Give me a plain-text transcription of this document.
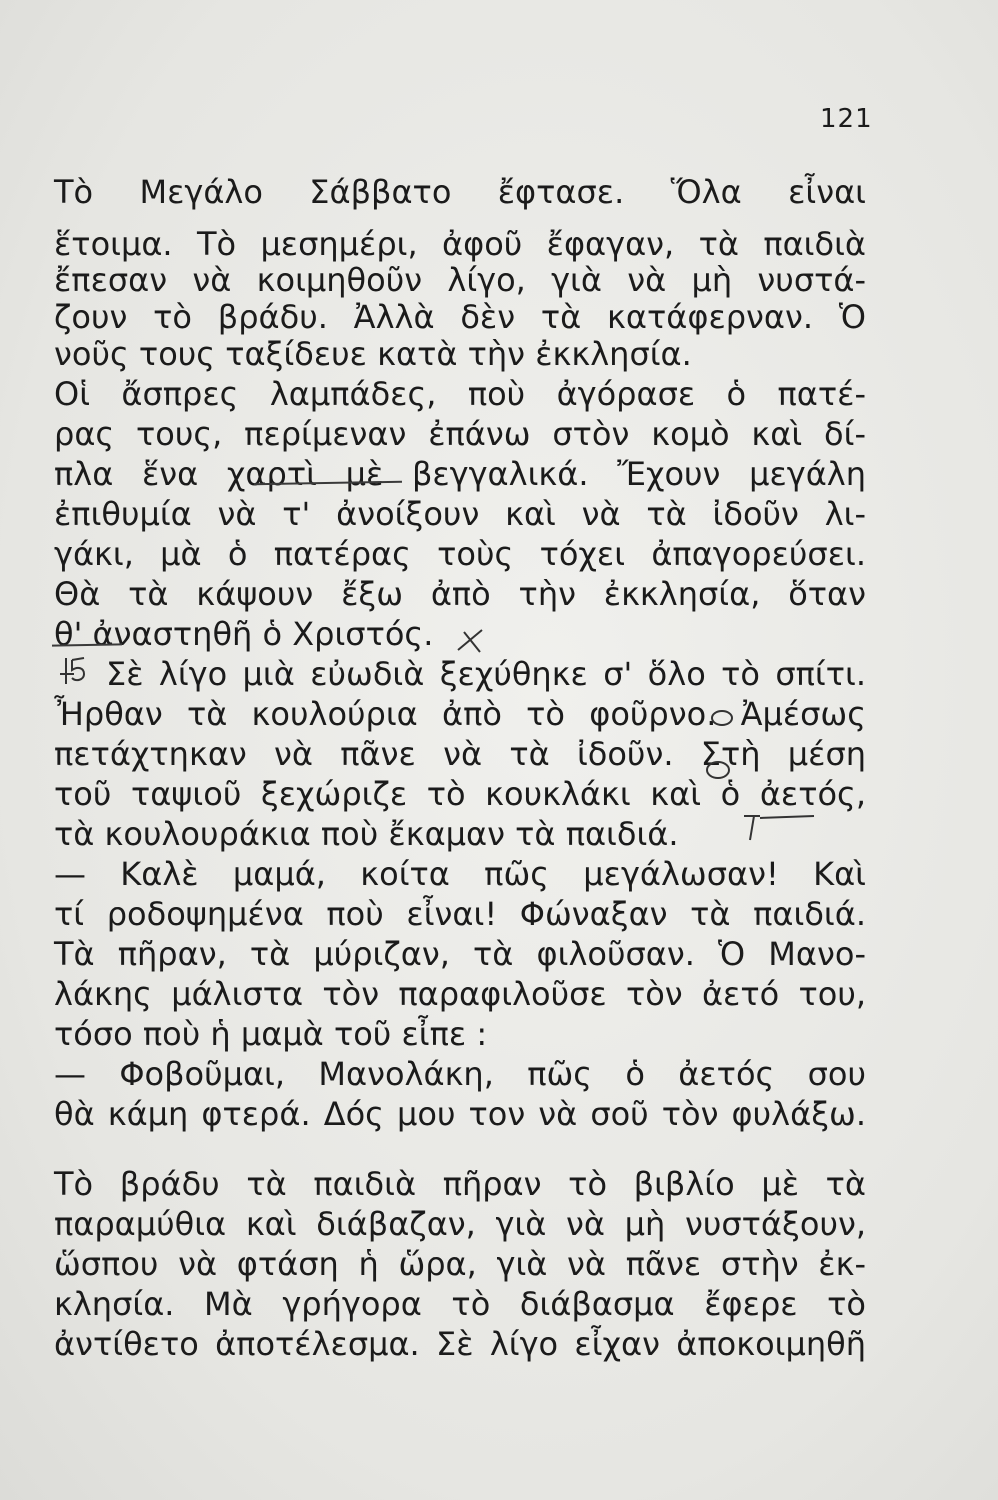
121
Τὸ Μεγάλο Σάββατο ἔφτασε. Ὅλα εἶναι
ἕτοιμα. Τὸ μεσημέρι, ἀφοῦ ἔφαγαν, τὰ παιδιὰ
ἔπεσαν νὰ κοιμηθοῦν λίγο, γιὰ νὰ μὴ νυστά-
ζουν τὸ βράδυ. Ἀλλὰ δὲν τὰ κατάφερναν. Ὁ
νοῦς τους ταξίδευε κατὰ τὴν ἐκκλησία.
Οἱ ἄσπρες λαμπάδες, ποὺ ἀγόρασε ὁ πατέ-
ρας τους, περίμεναν ἐπάνω στὸν κομὸ καὶ δί-
πλα ἕνα χαρτὶ μὲ βεγγαλικά. Ἔχουν μεγάλη
ἐπιθυμία νὰ τ' ἀνοίξουν καὶ νὰ τὰ ἰδοῦν λι-
γάκι, μὰ ὁ πατέρας τοὺς τόχει ἀπαγορεύσει.
Θὰ τὰ κάψουν ἔξω ἀπὸ τὴν ἐκκλησία, ὅταν
θ' ἀναστηθῆ ὁ Χριστός.
Σὲ λίγο μιὰ εὐωδιὰ ξεχύθηκε σ' ὅλο τὸ σπίτι.
Ἦρθαν τὰ κουλούρια ἀπὸ τὸ φοῦρνο. Ἀμέσως
πετάχτηκαν νὰ πᾶνε νὰ τὰ ἰδοῦν. Στὴ μέση
τοῦ ταψιοῦ ξεχώριζε τὸ κουκλάκι καὶ ὁ ἀετός,
τὰ κουλουράκια ποὺ ἔκαμαν τὰ παιδιά.
— Καλὲ μαμά, κοίτα πῶς μεγάλωσαν! Καὶ
τί ροδοψημένα ποὺ εἶναι! Φώναξαν τὰ παιδιά.
Τὰ πῆραν, τὰ μύριζαν, τὰ φιλοῦσαν. Ὁ Μανο-
λάκης μάλιστα τὸν παραφιλοῦσε τὸν ἀετό του,
τόσο ποὺ ἡ μαμὰ τοῦ εἶπε :
— Φοβοῦμαι, Μανολάκη, πῶς ὁ ἀετός σου
θὰ κάμη φτερά. Δός μου τον νὰ σοῦ τὸν φυλάξω.
Τὸ βράδυ τὰ παιδιὰ πῆραν τὸ βιβλίο μὲ τὰ
παραμύθια καὶ διάβαζαν, γιὰ νὰ μὴ νυστάξουν,
ὥσπου νὰ φτάση ἡ ὥρα, γιὰ νὰ πᾶνε στὴν ἐκ-
κλησία. Μὰ γρήγορα τὸ διάβασμα ἔφερε τὸ
ἀντίθετο ἀποτέλεσμα. Σὲ λίγο εἶχαν ἀποκοιμηθῆ
